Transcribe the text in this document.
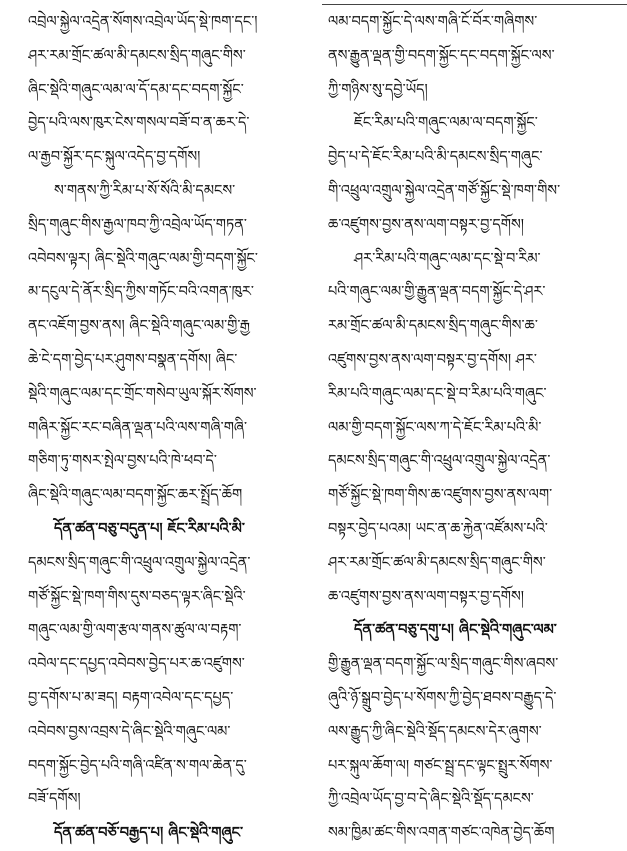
འབྲེལ་སྐྱེལ་འདྲེན་སོགས་འབྲེལ་ཡོད་སྡེ་ཁག་དང་།
ཤར་རམ་གྲོང་ཚལ་མི་དམངས་སྲིད་གཞུང་གིས་
ཞིང་སྡེའི་གཞུང་ལམ་ལ་དོ་དམ་དང་བདག་སྐྱོང་
བྱེད་པའི་ལས་ཁུར་ངེས་གསལ་བཟོ་བ་ན་ཆར་དེ་
ལ་རྒྱབ་སྐྱོར་དང་སྐུལ་འདེད་བྱ་དགོས།
ས་གནས་ཀྱི་རིམ་པ་སོ་སོའི་མི་དམངས་
སྲིད་གཞུང་གིས་རྒྱལ་ཁབ་ཀྱི་འབྲེལ་ཡོད་གཏན་
འབེབས་ལྟར། ཞིང་སྡེའི་གཞུང་ལམ་གྱི་བདག་སྐྱོང་
མ་དངུལ་དེ་ནོར་སྲིད་ཀྱིས་གཏོང་བའི་འགན་ཁུར་
ནང་འཇོག་བྱས་ནས། ཞིང་སྡེའི་གཞུང་ལམ་གྱི་རྒྱ
ཆེ་ངེ་དག་བྱེད་པར་ཤུགས་བསྣན་དགོས། ཞིང་
སྡེའི་གཞུང་ལམ་དང་གྲོང་གསེབ་ཡུལ་སྐོར་སོགས་
གཞིར་སྐྱོང་རང་བཞིན་ལྡན་པའི་ལས་གཞི་གཞི་
གཅིག་ཏུ་གསར་སྤེལ་བྱས་པའི་ཁེ་ཕབ་དེ་
ཞིང་སྡེའི་གཞུང་ལམ་བདག་སྐྱོང་ཆར་སྤྲོད་ཆོག
དོན་ཚན་བཅུ་བདུན་པ། ཇོང་རིམ་པའི་མི་
དམངས་སྲིད་གཞུང་གི་འཕྲུལ་འགྲུལ་སྐྱེལ་འདྲེན་
གཙོ་སྐྱོང་སྡེ་ཁག་གིས་དུས་བཅད་ལྟར་ཞིང་སྡེའི་
གཞུང་ལམ་གྱི་ལག་རྩལ་གནས་ཚུལ་ལ་བརྟག་
འབེལ་དང་དཔྱད་འབེབས་བྱེད་པར་ཆ་འཛུགས་
བྱ་དགོས་པ་མ་ཟད། བརྟག་འབེལ་དང་དཔྱད་
འབེབས་བྱས་འབྲས་དེ་ཞིང་སྡེའི་གཞུང་ལམ་
བདག་སྐྱོང་བྱེད་པའི་གཞི་འཛིན་ས་གལ་ཆེན་དུ་
བཟོ་དགོས།
དོན་ཚན་བཅོ་བརྒྱད་པ། ཞིང་སྡེའི་གཞུང་
ལམ་བདག་སྐྱོང་དེ་ལས་གཞི་ངོ་བོར་གཞིགས་
ནས་རྒྱུན་ལྡན་གྱི་བདག་སྐྱོང་དང་བདག་སྐྱོང་ལས་
ཀྱི་གཉིས་སུ་དབྱེ་ཡོད།
ཇོང་རིམ་པའི་གཞུང་ལམ་ལ་བདག་སྐྱོང་
བྱེད་པ་དེ་ཇོང་རིམ་པའི་མི་དམངས་སྲིད་གཞུང་
གི་འཕྲུལ་འགྲུལ་སྐྱེལ་འདྲེན་གཙོ་སྐྱོང་སྡེ་ཁག་གིས་
ཆ་འཛུགས་བྱས་ནས་ལག་བསྟར་བྱ་དགོས།
ཤར་རིམ་པའི་གཞུང་ལམ་དང་སྡེ་བ་རིམ་
པའི་གཞུང་ལམ་གྱི་རྒྱུན་ལྡན་བདག་སྐྱོང་དེ་ཤར་
རམ་གྲོང་ཚལ་མི་དམངས་སྲིད་གཞུང་གིས་ཆ་
འཛུགས་བྱས་ནས་ལག་བསྟར་བྱ་དགོས། ཤར་
རིམ་པའི་གཞུང་ལམ་དང་སྡེ་བ་རིམ་པའི་གཞུང་
ལམ་གྱི་བདག་སྐྱོང་ལས་ཀ་དེ་ཇོང་རིམ་པའི་མི་
དམངས་སྲིད་གཞུང་གི་འཕྲུལ་འགྲུལ་སྐྱེལ་འདྲེན་
གཙོ་སྐྱོང་སྡེ་ཁག་གིས་ཆ་འཛུགས་བྱས་ནས་ལག་
བསྟར་བྱེད་པའམ། ཡང་ན་ཆ་རྐྱེན་འཛོམས་པའི་
ཤར་རམ་གྲོང་ཚལ་མི་དམངས་སྲིད་གཞུང་གིས་
ཆ་འཛུགས་བྱས་ནས་ལག་བསྟར་བྱ་དགོས།
དོན་ཚན་བཅུ་དགུ་པ། ཞིང་སྡེའི་གཞུང་ལམ་
གྱི་རྒྱུན་ལྡན་བདག་སྐྱོང་ལ་སྲིད་གཞུང་གིས་ཞབས་
ཞུའི་ཉོ་སྒྲུབ་བྱེད་པ་སོགས་ཀྱི་བྱེད་ཐབས་བརྒྱུད་དེ་
ལས་རྒྱུད་ཀྱི་ཞིང་སྡེའི་སྡོད་དམངས་དེར་ཞུགས་
པར་སྐུལ་ཆོག་ལ། གཙང་སྦྲ་དང་ལྟང་སྤྲུར་སོགས་
ཀྱི་འབྲེལ་ཡོད་བྱ་བ་དེ་ཞིང་སྡེའི་སྡོད་དམངས་
སམ་ཁྱིམ་ཚང་གིས་འགན་གཙང་འཁེན་བྱེད་ཆོག
